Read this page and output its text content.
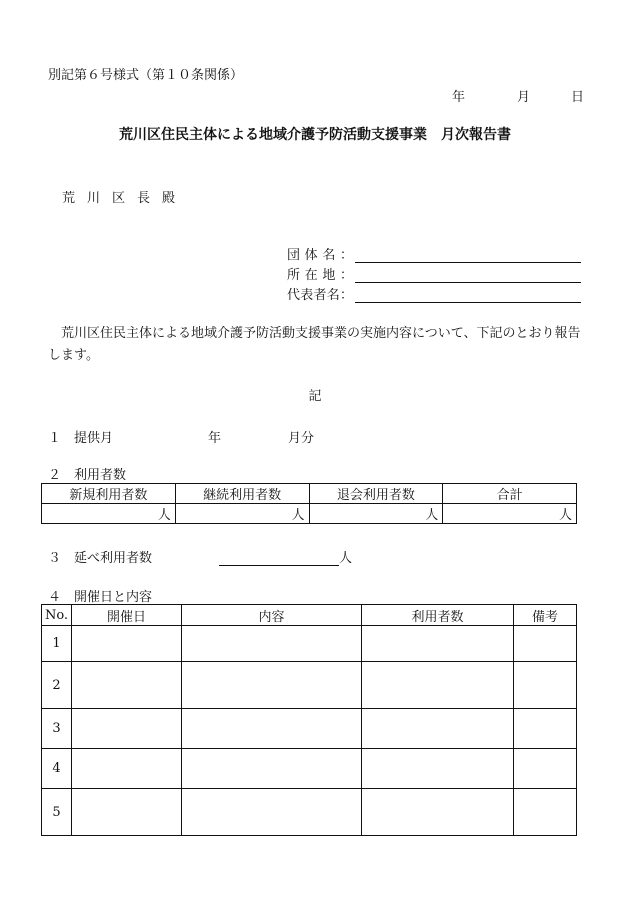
別記第６号様式（第１０条関係）
年	月	日
荒川区住民主体による地域介護予防活動支援事業　月次報告書
荒川区長殿
団体名：
所在地：
代表者名：
荒川区住民主体による地域介護予防活動支援事業の実施内容について、下記のとおり報告します。
記
１ 提供月	年	月分
２ 利用者数
新規利用者数	継続利用者数	退会利用者数	合計
人	人	人	人
３ 延べ利用者数	人
４ 開催日と内容
No.	開催日	内容	利用者数	備考
1				
2				
3				
4				
5				
